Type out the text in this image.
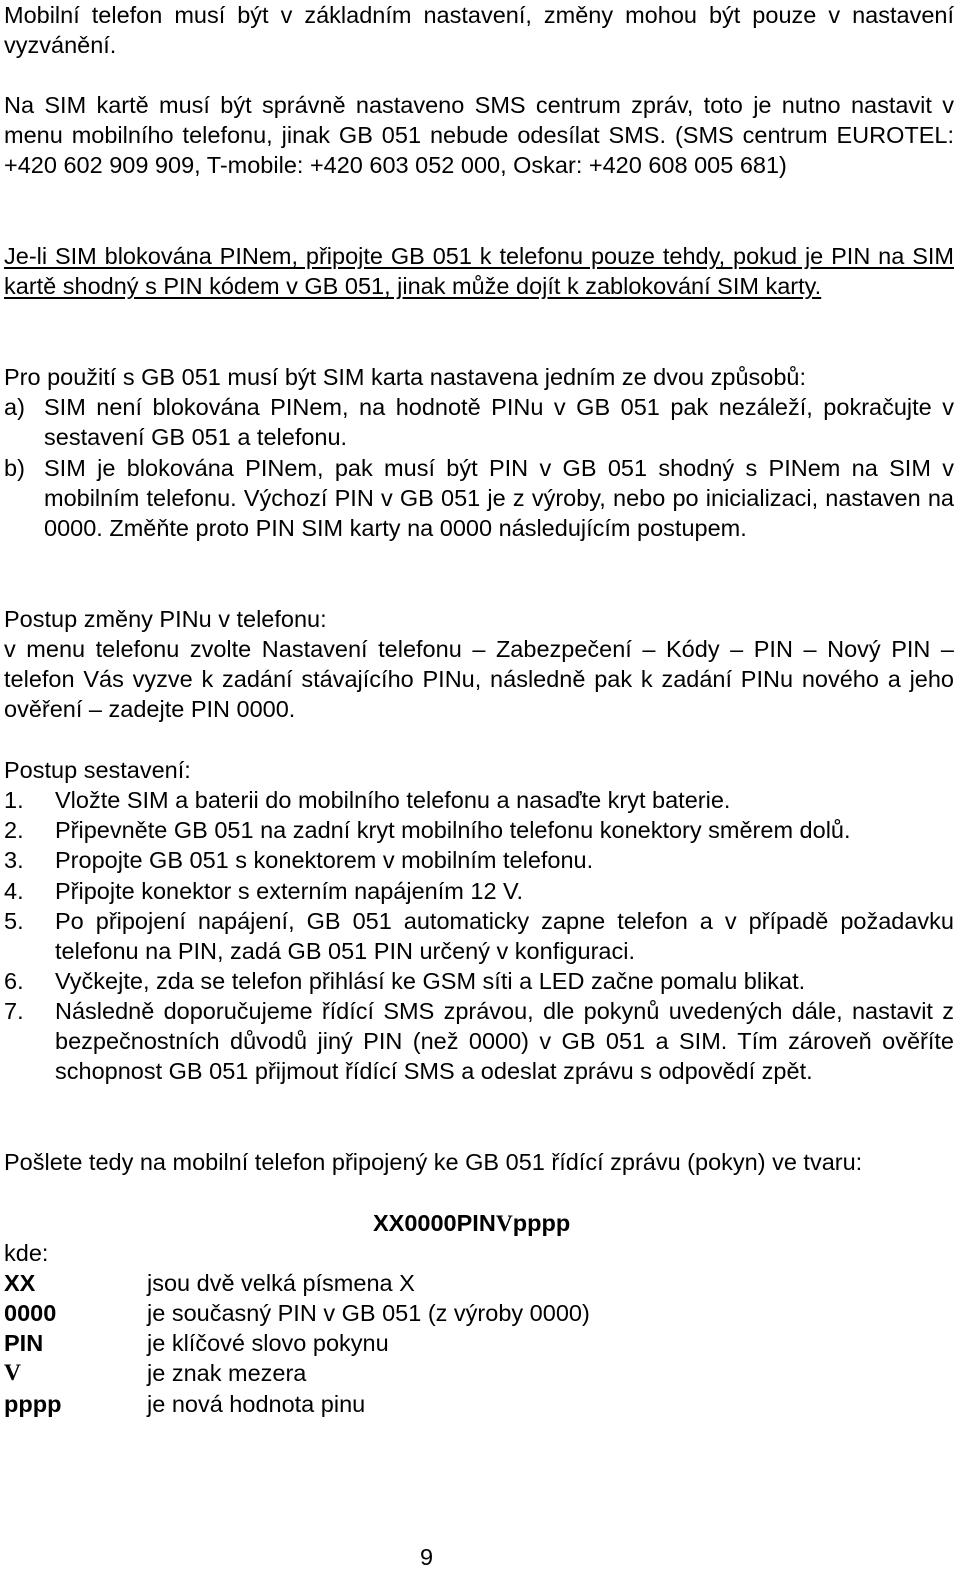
Mobilní telefon musí být v základním nastavení, změny mohou být pouze v nastavení vyzvánění.
Na SIM kartě musí být správně nastaveno SMS centrum zpráv, toto je nutno nastavit v menu mobilního telefonu, jinak GB 051 nebude odesílat SMS. (SMS centrum EUROTEL: +420 602 909 909, T-mobile: +420 603 052 000, Oskar: +420 608 005 681)
Je-li SIM blokována PINem, připojte GB 051 k telefonu pouze tehdy, pokud je PIN na SIM kartě shodný s PIN kódem v GB 051, jinak může dojít k zablokování SIM karty.
Pro použití s GB 051 musí být SIM karta nastavena jedním ze dvou způsobů:
a) SIM není blokována PINem, na hodnotě PINu v GB 051 pak nezáleží, pokračujte v sestavení GB 051 a telefonu.
b) SIM je blokována PINem, pak musí být PIN v GB 051 shodný s PINem na SIM v mobilním telefonu. Výchozí PIN v GB 051 je z výroby, nebo po inicializaci, nastaven na 0000. Změňte proto PIN SIM karty na 0000 následujícím postupem.
Postup změny PINu v telefonu:
v menu telefonu zvolte Nastavení telefonu – Zabezpečení – Kódy – PIN – Nový PIN – telefon Vás vyzve k zadání stávajícího PINu, následně pak k zadání PINu nového a jeho ověření – zadejte PIN 0000.
Postup sestavení:
1. Vložte SIM a baterii do mobilního telefonu a nasaďte kryt baterie.
2. Připevněte GB 051 na zadní kryt mobilního telefonu konektory směrem dolů.
3. Propojte GB 051 s konektorem v mobilním telefonu.
4. Připojte konektor s externím napájením 12 V.
5. Po připojení napájení, GB 051 automaticky zapne telefon a v případě požadavku telefonu na PIN, zadá GB 051 PIN určený v konfiguraci.
6. Vyčkejte, zda se telefon přihlásí ke GSM síti a LED začne pomalu blikat.
7. Následně doporučujeme řídící SMS zprávou, dle pokynů uvedených dále, nastavit z bezpečnostních důvodů jiný PIN (než 0000) v GB 051 a SIM. Tím zároveň ověříte schopnost GB 051 přijmout řídící SMS a odeslat zprávu s odpovědí zpět.
Pošlete tedy na mobilní telefon připojený ke GB 051 řídící zprávu (pokyn) ve tvaru:
XX0000PINVpppp
kde:
XX	jsou dvě velká písmena X
0000	je současný PIN v GB 051 (z výroby 0000)
PIN	je klíčové slovo pokynu
V	je znak mezera
pppp	je nová hodnota pinu
9
